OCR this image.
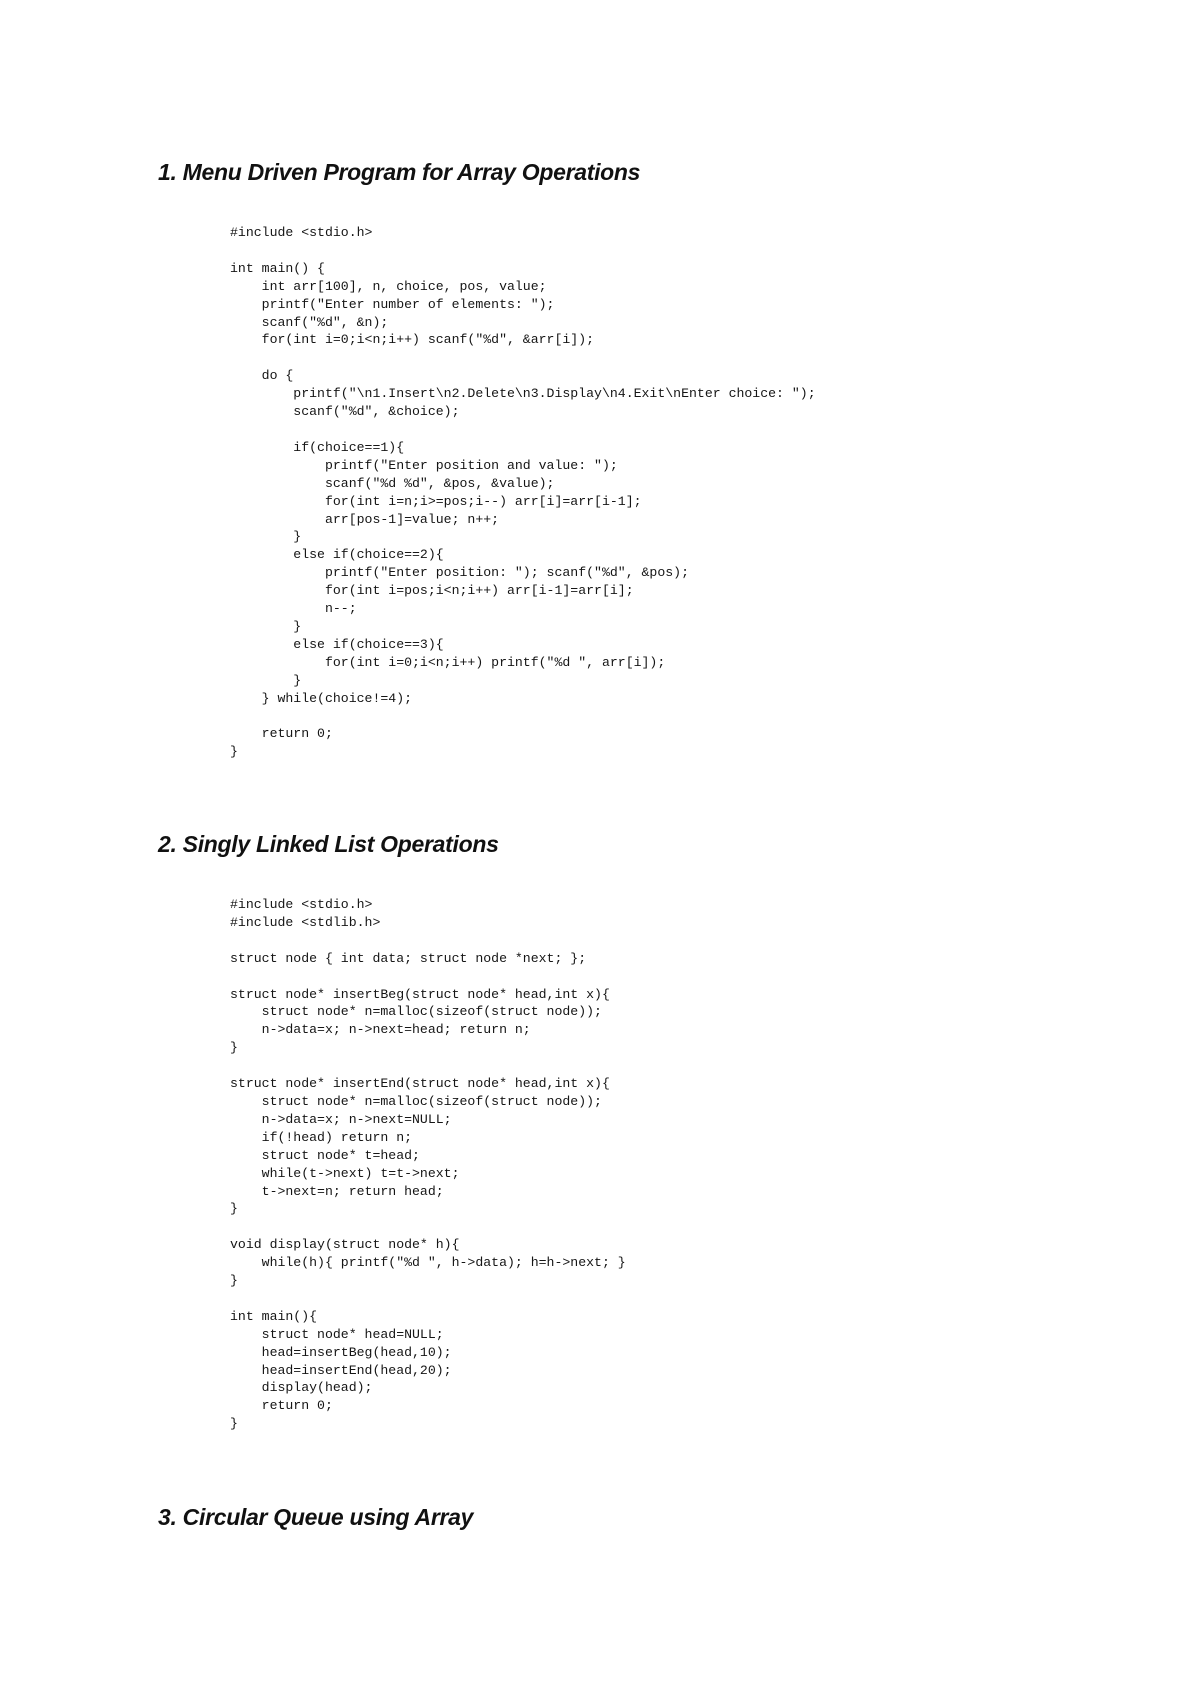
1. Menu Driven Program for Array Operations
#include <stdio.h>

int main() {
int arr[100], n, choice, pos, value;
printf("Enter number of elements: ");
scanf("%d", &n);
for(int i=0;i<n;i++) scanf("%d", &arr[i]);

do {
printf("\n1.Insert\n2.Delete\n3.Display\n4.Exit\nEnter choice: ");
scanf("%d", &choice);

if(choice==1){
printf("Enter position and value: ");
scanf("%d %d", &pos, &value);
for(int i=n;i>=pos;i--) arr[i]=arr[i-1];
arr[pos-1]=value; n++;
}
else if(choice==2){
printf("Enter position: "); scanf("%d", &pos);
for(int i=pos;i<n;i++) arr[i-1]=arr[i];
n--;
}
else if(choice==3){
for(int i=0;i<n;i++) printf("%d ", arr[i]);
}
} while(choice!=4);

return 0;
}
2. Singly Linked List Operations
#include <stdio.h>
#include <stdlib.h>

struct node { int data; struct node *next; };

struct node* insertBeg(struct node* head,int x){
struct node* n=malloc(sizeof(struct node));
n->data=x; n->next=head; return n;
}

struct node* insertEnd(struct node* head,int x){
struct node* n=malloc(sizeof(struct node));
n->data=x; n->next=NULL;
if(!head) return n;
struct node* t=head;
while(t->next) t=t->next;
t->next=n; return head;
}

void display(struct node* h){
while(h){ printf("%d ", h->data); h=h->next; }
}

int main(){
struct node* head=NULL;
head=insertBeg(head,10);
head=insertEnd(head,20);
display(head);
return 0;
}
3. Circular Queue using Array
